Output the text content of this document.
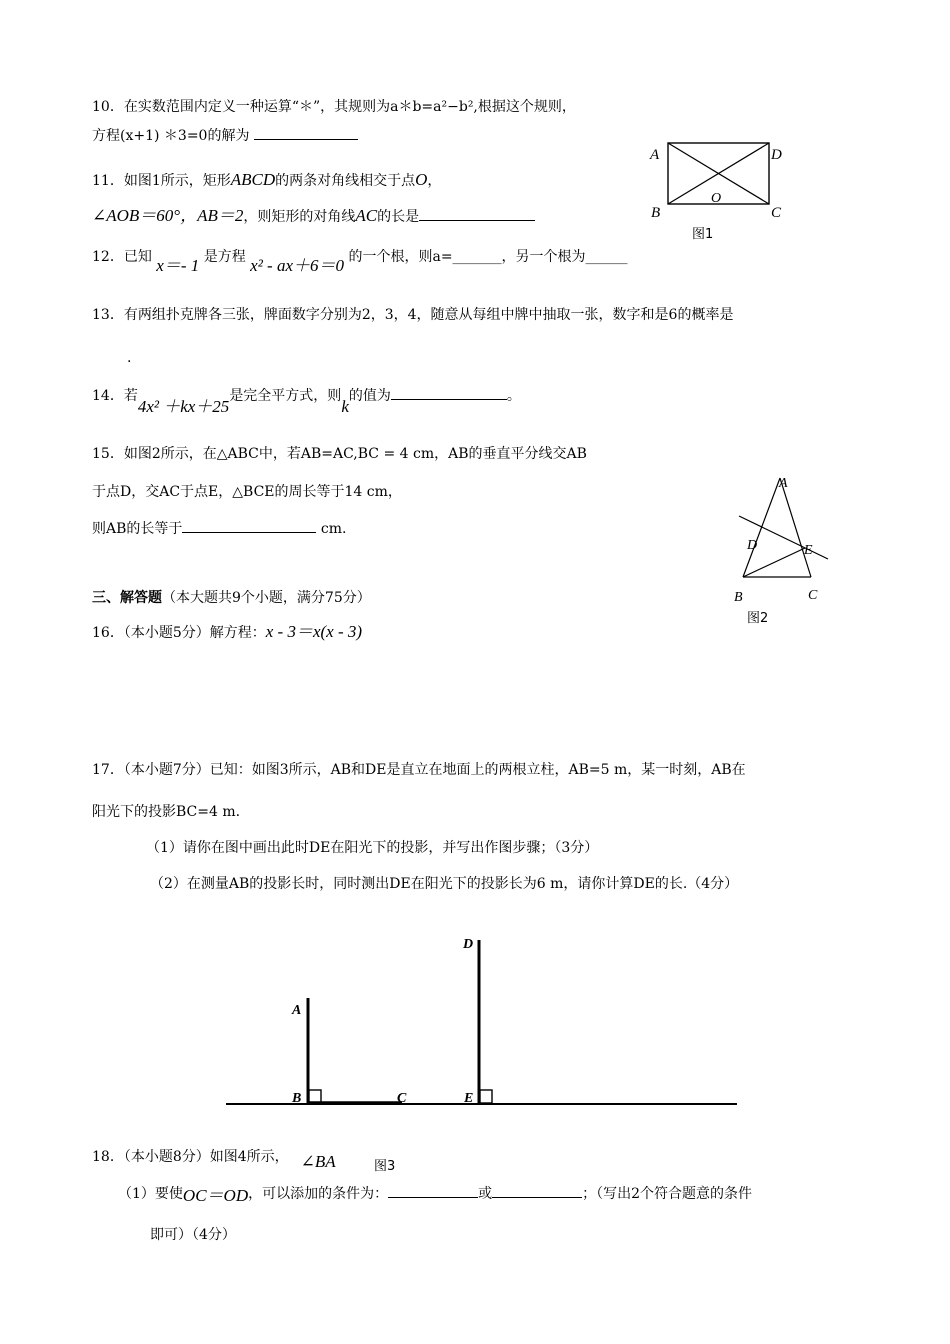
10．在实数范围内定义一种运算“＊”，其规则为a＊b=a²−b²,根据这个规则，
方程(x+1) ＊3=0的解为
A	D
B	C
O
图1
11．如图1所示，矩形ABCD的两条对角线相交于点O，
∠AOB＝60°，AB＝2，则矩形的对角线AC的长是
12．已知 x＝- 1 是方程 x² - ax＋6＝0 的一个根，则a=_______，另一个根为______
13．有两组扑克牌各三张，牌面数字分别为2，3，4，随意从每组中牌中抽取一张，数字和是6的概率是
.
14．若4x² ＋kx＋25是完全平方式，则k的值为	。
15．如图2所示，在△ABC中，若AB=AC,BC = 4 cm，AB的垂直平分线交AB
于点D，交AC于点E，△BCE的周长等于14 cm，
则AB的长等于	cm.
A
D	E
B	C
图2
三、解答题（本大题共9个小题，满分75分）
16．（本小题5分）解方程：x - 3＝x(x - 3)
17．（本小题7分）已知：如图3所示，AB和DE是直立在地面上的两根立柱，AB=5 m，某一时刻，AB在
阳光下的投影BC=4 m.
（1）请你在图中画出此时DE在阳光下的投影，并写出作图步骤；（3分）
（2）在测量AB的投影长时，同时测出DE在阳光下的投影长为6 m，请你计算DE的长.（4分）
D
A
B	C	E
图3
18．（本小题8分）如图4所示， ∠BA
（1）要使OC＝OD，可以添加的条件为：	或	；（写出2个符合题意的条件
即可）（4分）
